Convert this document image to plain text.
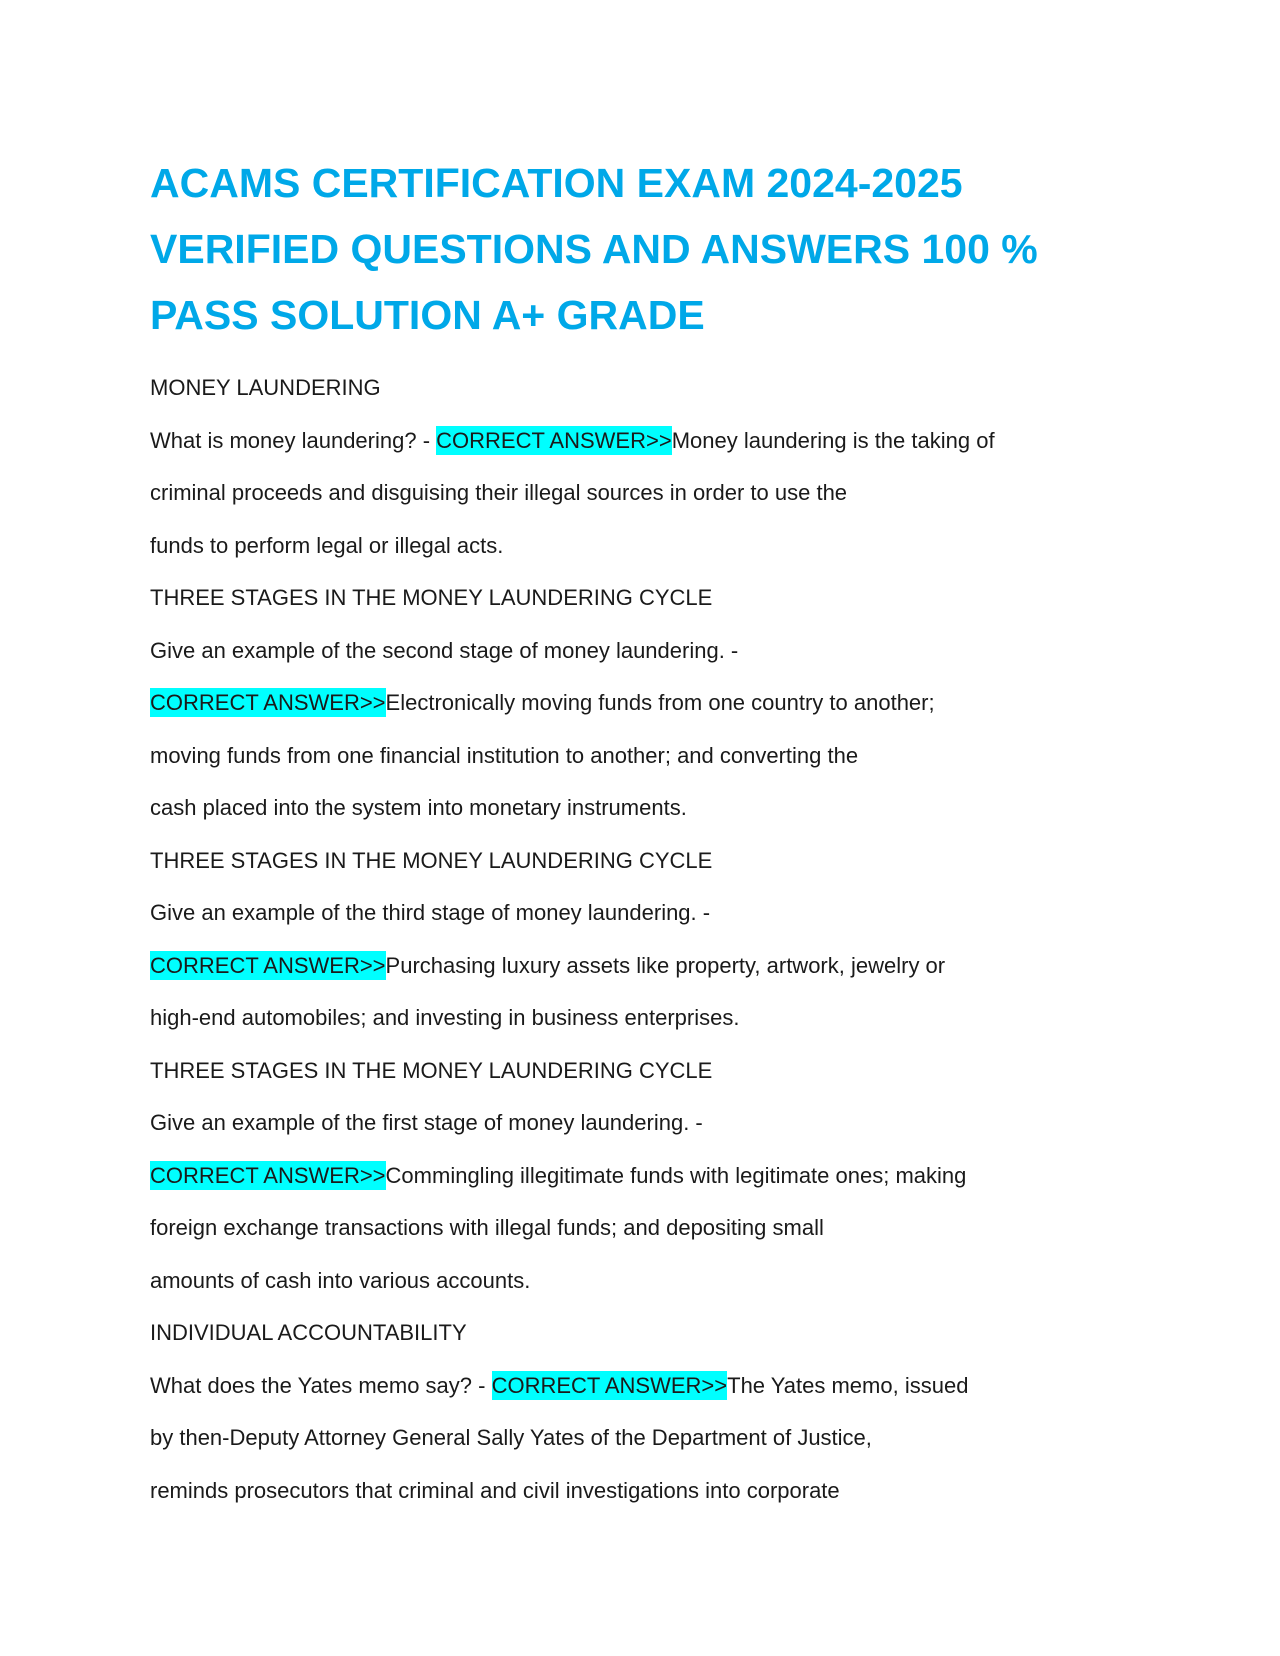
ACAMS CERTIFICATION EXAM 2024-2025
VERIFIED QUESTIONS AND ANSWERS 100 %
PASS SOLUTION A+ GRADE
MONEY LAUNDERING
What is money laundering? - CORRECT ANSWER>>Money laundering is the taking of
criminal proceeds and disguising their illegal sources in order to use the
funds to perform legal or illegal acts.
THREE STAGES IN THE MONEY LAUNDERING CYCLE
Give an example of the second stage of money laundering. -
CORRECT ANSWER>>Electronically moving funds from one country to another;
moving funds from one financial institution to another; and converting the
cash placed into the system into monetary instruments.
THREE STAGES IN THE MONEY LAUNDERING CYCLE
Give an example of the third stage of money laundering. -
CORRECT ANSWER>>Purchasing luxury assets like property, artwork, jewelry or
high-end automobiles; and investing in business enterprises.
THREE STAGES IN THE MONEY LAUNDERING CYCLE
Give an example of the first stage of money laundering. -
CORRECT ANSWER>>Commingling illegitimate funds with legitimate ones; making
foreign exchange transactions with illegal funds; and depositing small
amounts of cash into various accounts.
INDIVIDUAL ACCOUNTABILITY
What does the Yates memo say? - CORRECT ANSWER>>The Yates memo, issued
by then-Deputy Attorney General Sally Yates of the Department of Justice,
reminds prosecutors that criminal and civil investigations into corporate
